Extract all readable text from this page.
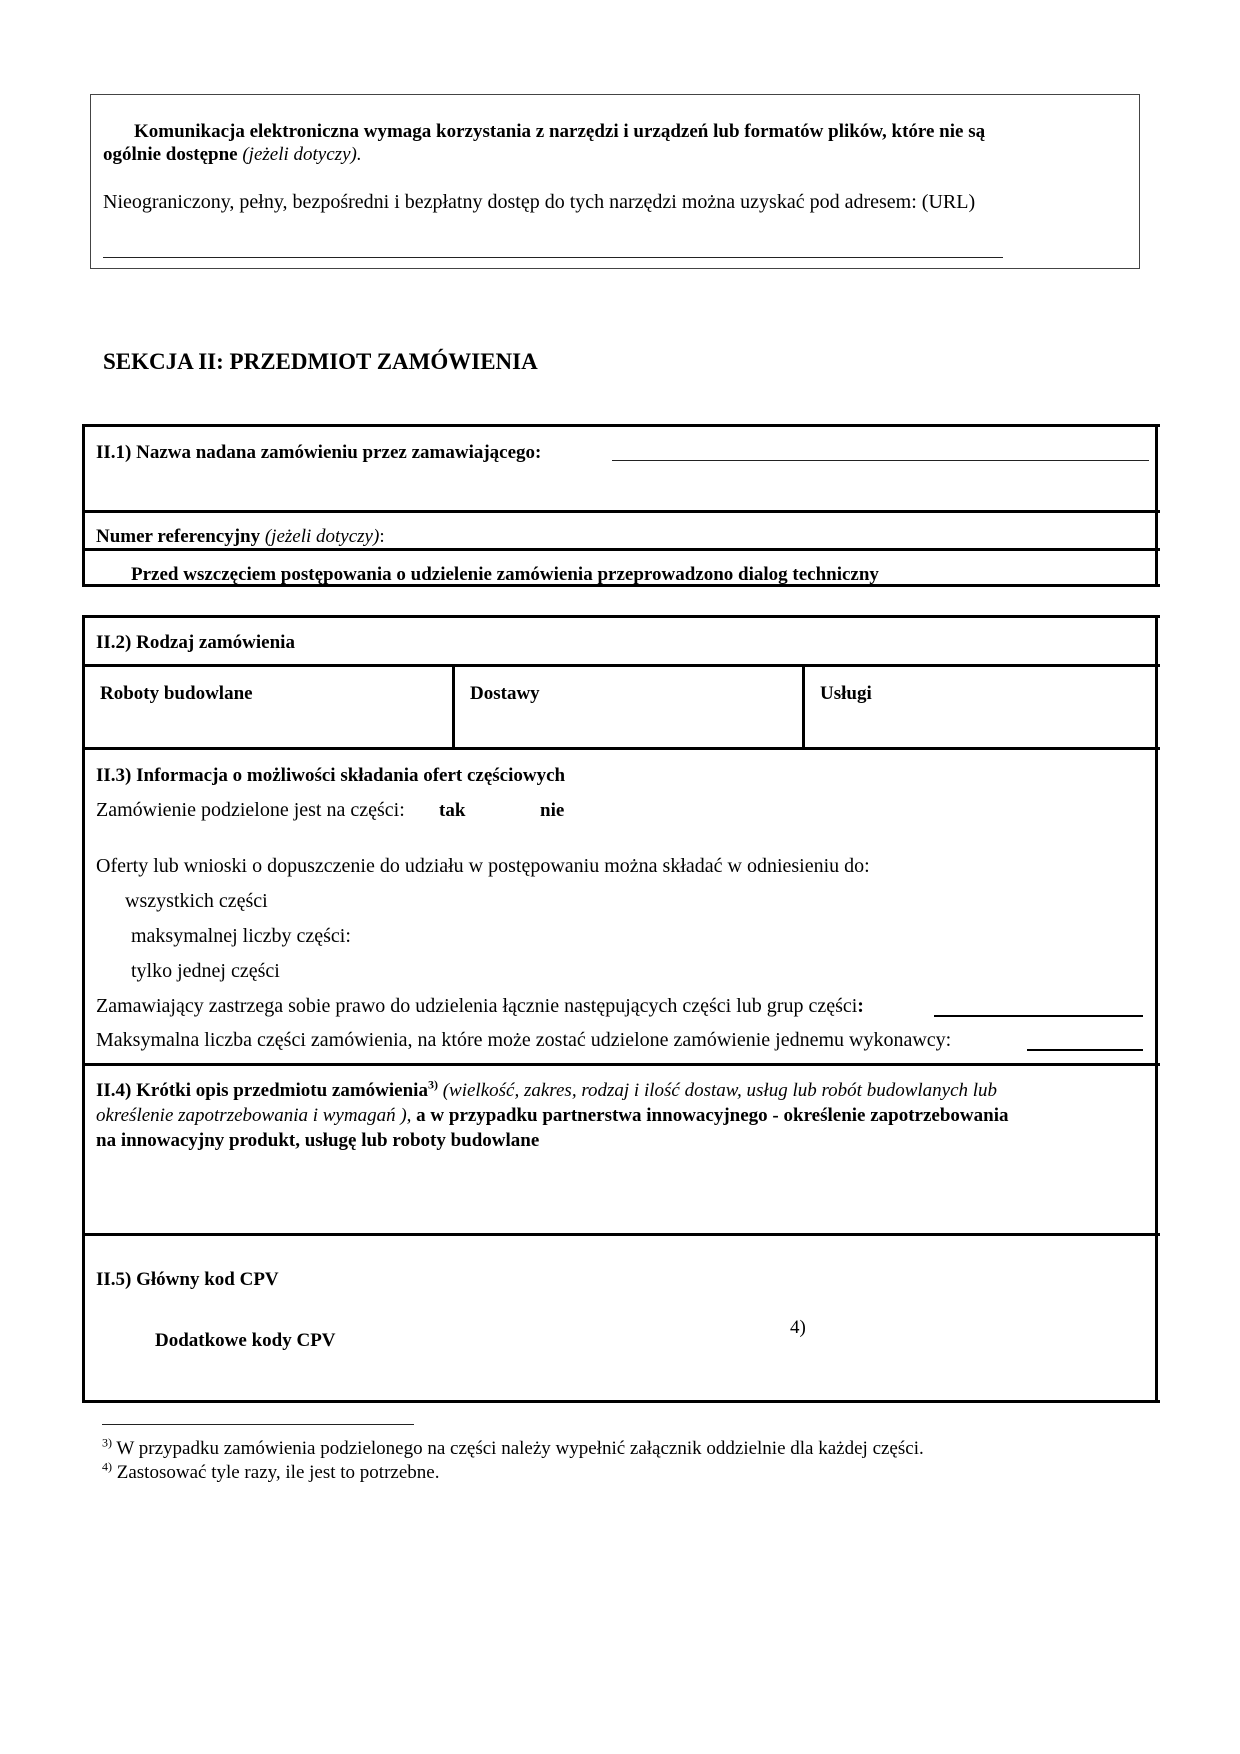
Komunikacja elektroniczna wymaga korzystania z narzędzi i urządzeń lub formatów plików, które nie są
ogólnie dostępne (jeżeli dotyczy).
Nieograniczony, pełny, bezpośredni i bezpłatny dostęp do tych narzędzi można uzyskać pod adresem: (URL)
SEKCJA II: PRZEDMIOT ZAMÓWIENIA
II.1) Nazwa nadana zamówieniu przez zamawiającego:
Numer referencyjny (jeżeli dotyczy):
Przed wszczęciem postępowania o udzielenie zamówienia przeprowadzono dialog techniczny
II.2) Rodzaj zamówienia
Roboty budowlane	Dostawy	Usługi
II.3) Informacja o możliwości składania ofert częściowych
Zamówienie podzielone jest na części: tak	nie
Oferty lub wnioski o dopuszczenie do udziału w postępowaniu można składać w odniesieniu do:
wszystkich części
maksymalnej liczby części:
tylko jednej części
Zamawiający zastrzega sobie prawo do udzielenia łącznie następujących części lub grup części:
Maksymalna liczba części zamówienia, na które może zostać udzielone zamówienie jednemu wykonawcy:
II.4) Krótki opis przedmiotu zamówienia$^{3)}$ (wielkość, zakres, rodzaj i ilość dostaw, usług lub robót budowlanych lub
określenie zapotrzebowania i wymagań ), a w przypadku partnerstwa innowacyjnego - określenie zapotrzebowania
na innowacyjny produkt, usługę lub roboty budowlane
II.5) Główny kod CPV
Dodatkowe kody CPV
4)
$^{3)}$ W przypadku zamówienia podzielonego na części należy wypełnić załącznik oddzielnie dla każdej części.
$^{4)}$ Zastosować tyle razy, ile jest to potrzebne.
